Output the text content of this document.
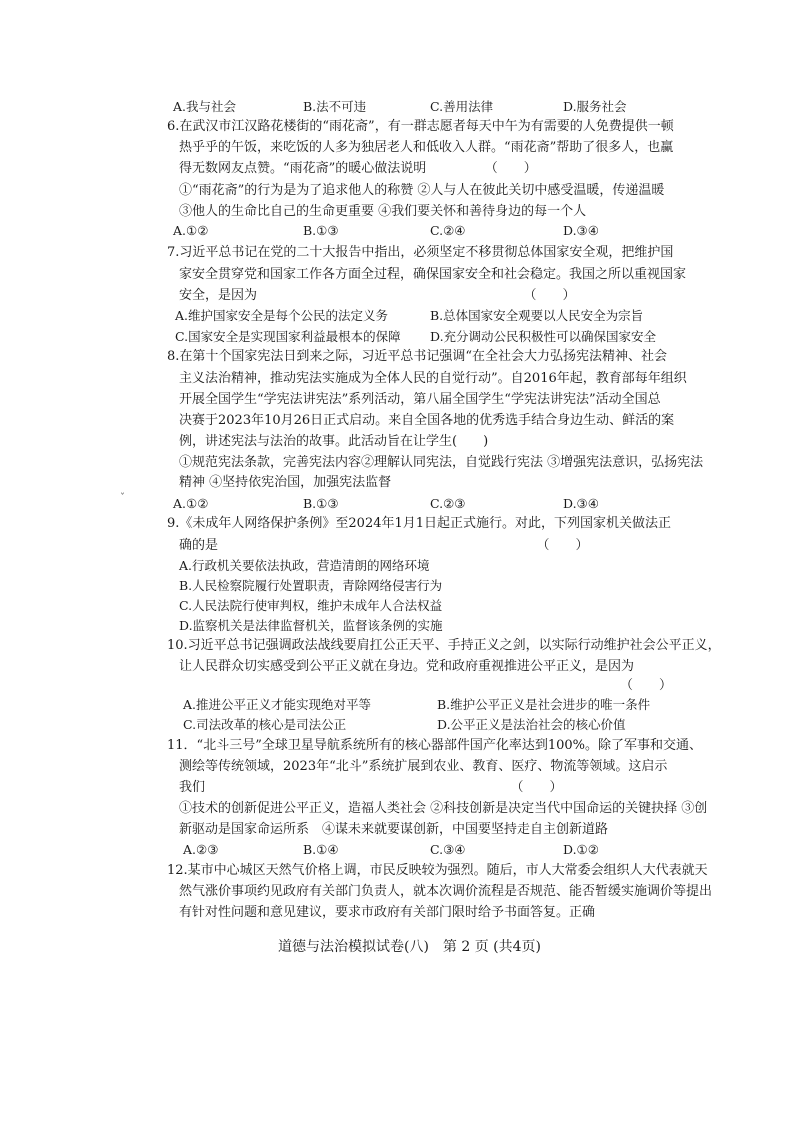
A.我与社会	B.法不可违	C.善用法律	D.服务社会
6.在武汉市江汉路花楼街的“雨花斋”，有一群志愿者每天中午为有需要的人免费提供一顿
热乎乎的午饭，来吃饭的人多为独居老人和低收入人群。“雨花斋”帮助了很多人，也赢
得无数网友点赞。“雨花斋”的暖心做法说明　　　　　（　　）
①“雨花斋”的行为是为了追求他人的称赞 ②人与人在彼此关切中感受温暖，传递温暖
③他人的生命比自己的生命更重要 ④我们要关怀和善待身边的每一个人
A.①②	B.①③	C.②④	D.③④
7.习近平总书记在党的二十大报告中指出，必须坚定不移贯彻总体国家安全观，把维护国
家安全贯穿党和国家工作各方面全过程，确保国家安全和社会稳定。我国之所以重视国家
安全，是因为　　　　　　　　　　　　　　　　　　　　　（　　）
A.维护国家安全是每个公民的法定义务	B.总体国家安全观要以人民安全为宗旨
C.国家安全是实现国家利益最根本的保障 D.充分调动公民积极性可以确保国家安全
8.在第十个国家宪法日到来之际，习近平总书记强调“在全社会大力弘扬宪法精神、社会
主义法治精神，推动宪法实施成为全体人民的自觉行动”。自2016年起，教育部每年组织
开展全国学生“学宪法讲宪法”系列活动，第八届全国学生“学宪法讲宪法”活动全国总
决赛于2023年10月26日正式启动。来自全国各地的优秀选手结合身边生动、鲜活的案
例，讲述宪法与法治的故事。此活动旨在让学生(　　)
①规范宪法条款，完善宪法内容②理解认同宪法，自觉践行宪法 ③增强宪法意识，弘扬宪法
精神 ④坚持依宪治国，加强宪法监督
ˇ	A.①②	B.①③	C.②③	D.③④
9.《未成年人网络保护条例》至2024年1月1日起正式施行。对此，下列国家机关做法正
确的是　　　　　　　　　　　　　　　　　　　　　　　　　（　　）
A.行政机关要依法执政，营造清朗的网络环境
B.人民检察院履行处置职责，青除网络侵害行为
C.人民法院行使审判权，维护未成年人合法权益
D.监察机关是法律监督机关，监督该条例的实施
10.习近平总书记强调政法战线要肩扛公正天平、手持正义之剑，以实际行动维护社会公平正义，
让人民群众切实感受到公平正义就在身边。党和政府重视推进公平正义，是因为
（　　）
A.推进公平正义才能实现绝对平等	B.维护公平正义是社会进步的唯一条件
C.司法改革的核心是司法公正	D.公平正义是法治社会的核心价值
11．“北斗三号”全球卫星导航系统所有的核心器部件国产化率达到100%。除了军事和交通、
测绘等传统领域，2023年“北斗”系统扩展到农业、教育、医疗、物流等领域。这启示
我们　　　　　　　　　　　　　　　　　　　　　　　　（　　）
①技术的创新促进公平正义，造福人类社会 ②科技创新是决定当代中国命运的关键抉择 ③创
新驱动是国家命运所系　④谋未来就要谋创新，中国要坚持走自主创新道路
A.②③	B.①④	C.③④	D.①②
12.某市中心城区天然气价格上调，市民反映较为强烈。随后，市人大常委会组织人大代表就天
然气涨价事项约见政府有关部门负责人，就本次调价流程是否规范、能否暂缓实施调价等提出
有针对性问题和意见建议，要求市政府有关部门限时给予书面答复。正确
道德与法治模拟试卷(八)　第 2 页 (共4页)
